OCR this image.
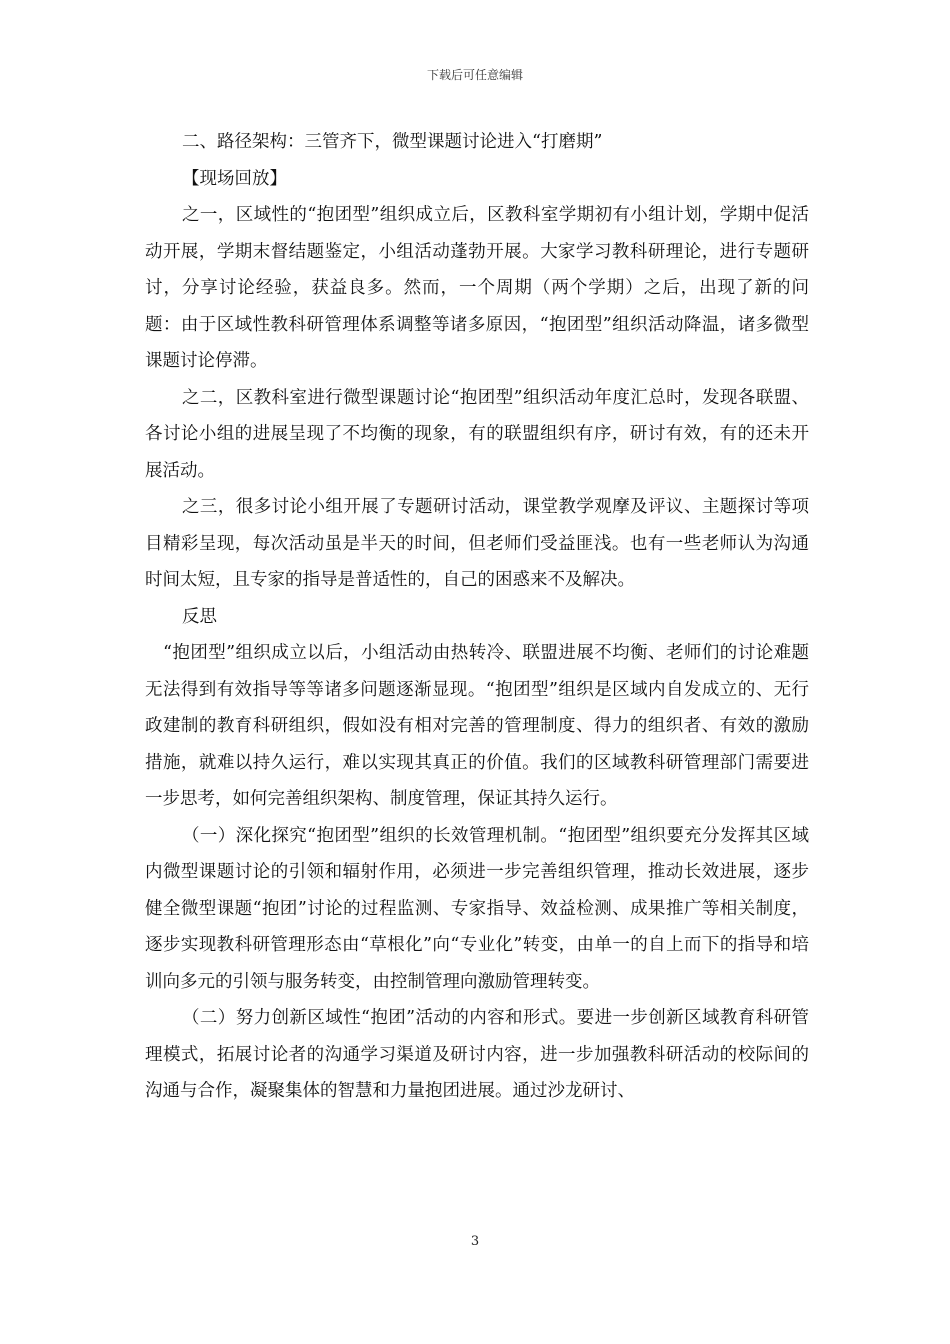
下载后可任意编辑

二、路径架构：三管齐下，微型课题讨论进入“打磨期”

【现场回放】

之一，区域性的“抱团型”组织成立后，区教科室学期初有小组计划，学期中促活动开展，学期末督结题鉴定，小组活动蓬勃开展。大家学习教科研理论，进行专题研讨，分享讨论经验，获益良多。然而，一个周期（两个学期）之后，出现了新的问题：由于区域性教科研管理体系调整等诸多原因，“抱团型”组织活动降温，诸多微型课题讨论停滞。

之二，区教科室进行微型课题讨论“抱团型”组织活动年度汇总时，发现各联盟、各讨论小组的进展呈现了不均衡的现象，有的联盟组织有序，研讨有效，有的还未开展活动。

之三，很多讨论小组开展了专题研讨活动，课堂教学观摩及评议、主题探讨等项目精彩呈现，每次活动虽是半天的时间，但老师们受益匪浅。也有一些老师认为沟通时间太短，且专家的指导是普适性的，自己的困惑来不及解决。

反思

“抱团型”组织成立以后，小组活动由热转冷、联盟进展不均衡、老师们的讨论难题无法得到有效指导等等诸多问题逐渐显现。“抱团型”组织是区域内自发成立的、无行政建制的教育科研组织，假如没有相对完善的管理制度、得力的组织者、有效的激励措施，就难以持久运行，难以实现其真正的价值。我们的区域教科研管理部门需要进一步思考，如何完善组织架构、制度管理，保证其持久运行。

（一）深化探究“抱团型”组织的长效管理机制。“抱团型”组织要充分发挥其区域内微型课题讨论的引领和辐射作用，必须进一步完善组织管理，推动长效进展，逐步健全微型课题“抱团”讨论的过程监测、专家指导、效益检测、成果推广等相关制度，逐步实现教科研管理形态由“草根化”向“专业化”转变，由单一的自上而下的指导和培训向多元的引领与服务转变，由控制管理向激励管理转变。

（二）努力创新区域性“抱团”活动的内容和形式。要进一步创新区域教育科研管理模式，拓展讨论者的沟通学习渠道及研讨内容，进一步加强教科研活动的校际间的沟通与合作，凝聚集体的智慧和力量抱团进展。通过沙龙研讨、

3
